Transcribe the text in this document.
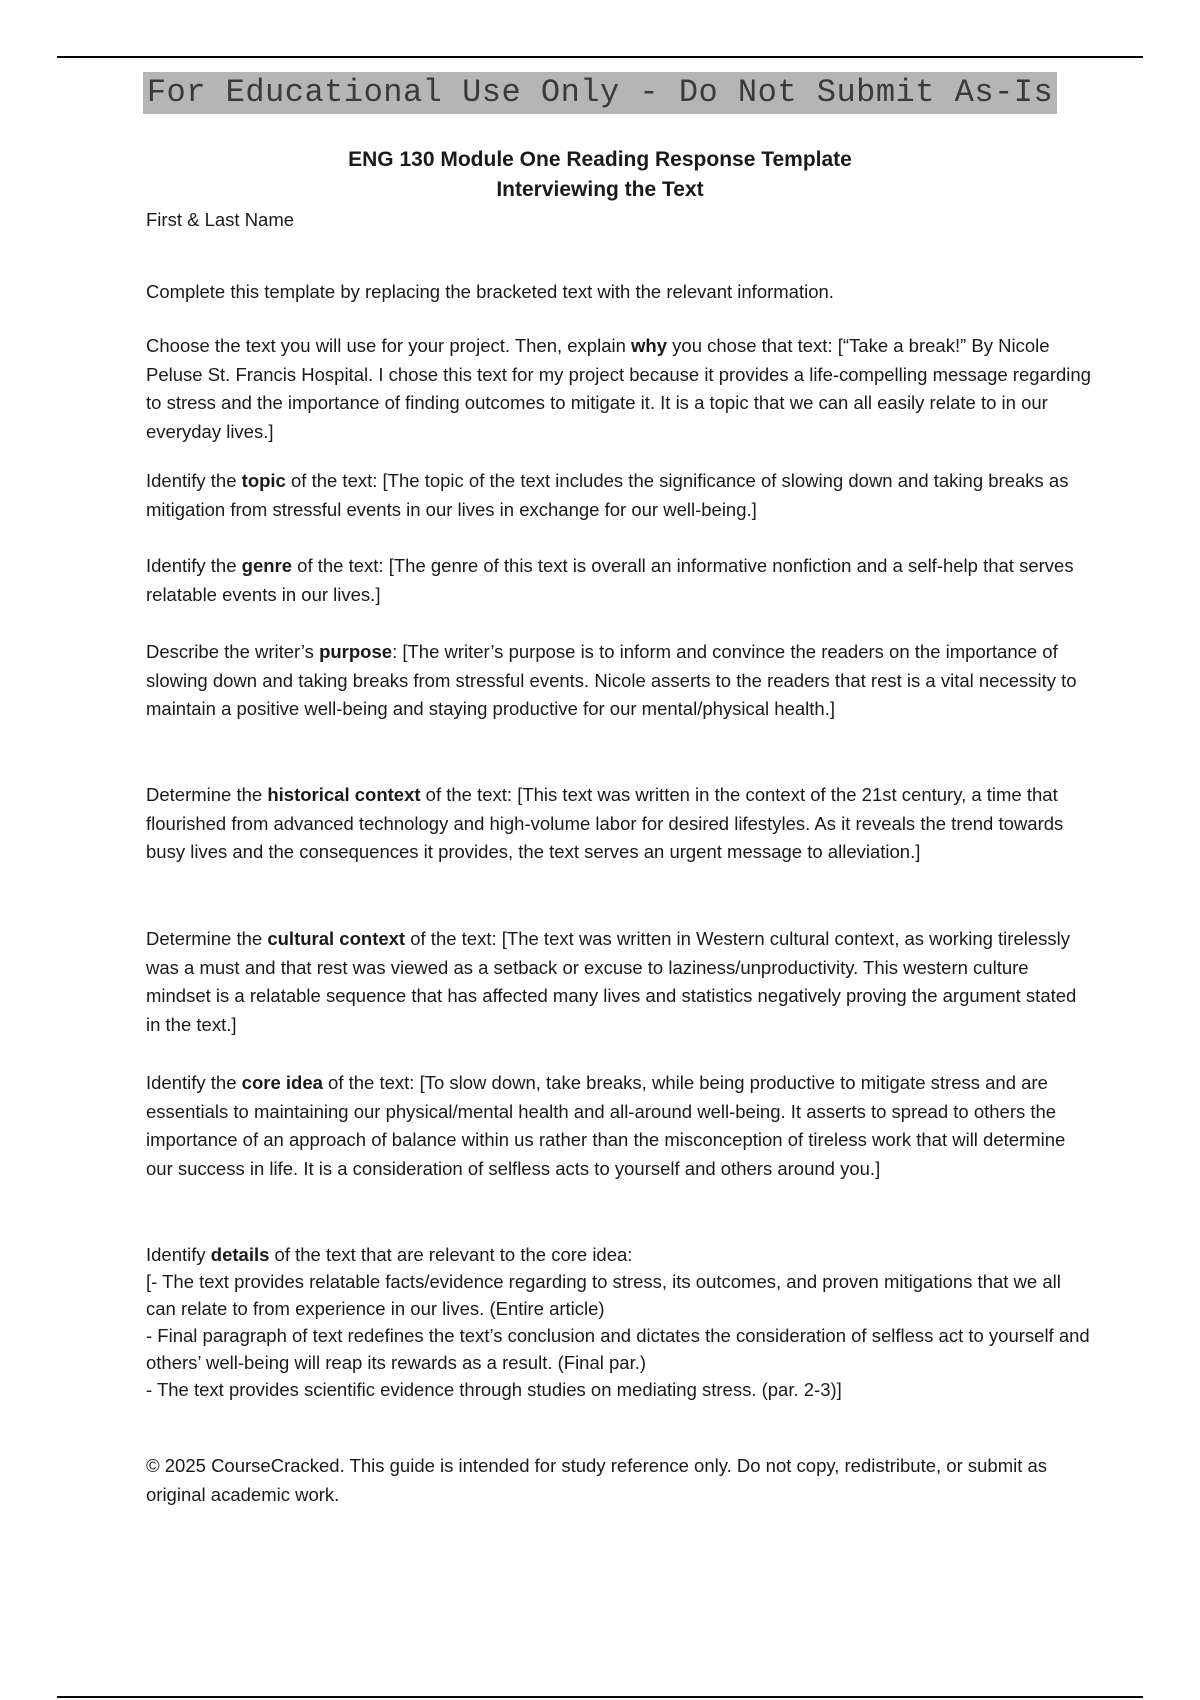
For Educational Use Only - Do Not Submit As-Is
ENG 130 Module One Reading Response Template
Interviewing the Text
First & Last Name

Complete this template by replacing the bracketed text with the relevant information.

Choose the text you will use for your project. Then, explain why you chose that text: [“Take a break!” By Nicole Peluse St. Francis Hospital. I chose this text for my project because it provides a life-compelling message regarding to stress and the importance of finding outcomes to mitigate it. It is a topic that we can all easily relate to in our everyday lives.]

Identify the topic of the text: [The topic of the text includes the significance of slowing down and taking breaks as mitigation from stressful events in our lives in exchange for our well-being.]

Identify the genre of the text: [The genre of this text is overall an informative nonfiction and a self-help that serves relatable events in our lives.]

Describe the writer’s purpose: [The writer’s purpose is to inform and convince the readers on the importance of slowing down and taking breaks from stressful events. Nicole asserts to the readers that rest is a vital necessity to maintain a positive well-being and staying productive for our mental/physical health.]

Determine the historical context of the text: [This text was written in the context of the 21st century, a time that flourished from advanced technology and high-volume labor for desired lifestyles. As it reveals the trend towards busy lives and the consequences it provides, the text serves an urgent message to alleviation.]

Determine the cultural context of the text: [The text was written in Western cultural context, as working tirelessly was a must and that rest was viewed as a setback or excuse to laziness/unproductivity. This western culture mindset is a relatable sequence that has affected many lives and statistics negatively proving the argument stated in the text.]

Identify the core idea of the text: [To slow down, take breaks, while being productive to mitigate stress and are essentials to maintaining our physical/mental health and all-around well-being. It asserts to spread to others the importance of an approach of balance within us rather than the misconception of tireless work that will determine our success in life. It is a consideration of selfless acts to yourself and others around you.]

Identify details of the text that are relevant to the core idea:

[- The text provides relatable facts/evidence regarding to stress, its outcomes, and proven mitigations that we all can relate to from experience in our lives. (Entire article)

- Final paragraph of text redefines the text’s conclusion and dictates the consideration of selfless act to yourself and others’ well-being will reap its rewards as a result. (Final par.)

- The text provides scientific evidence through studies on mediating stress. (par. 2-3)]

© 2025 CourseCracked. This guide is intended for study reference only. Do not copy, redistribute, or submit as original academic work.
